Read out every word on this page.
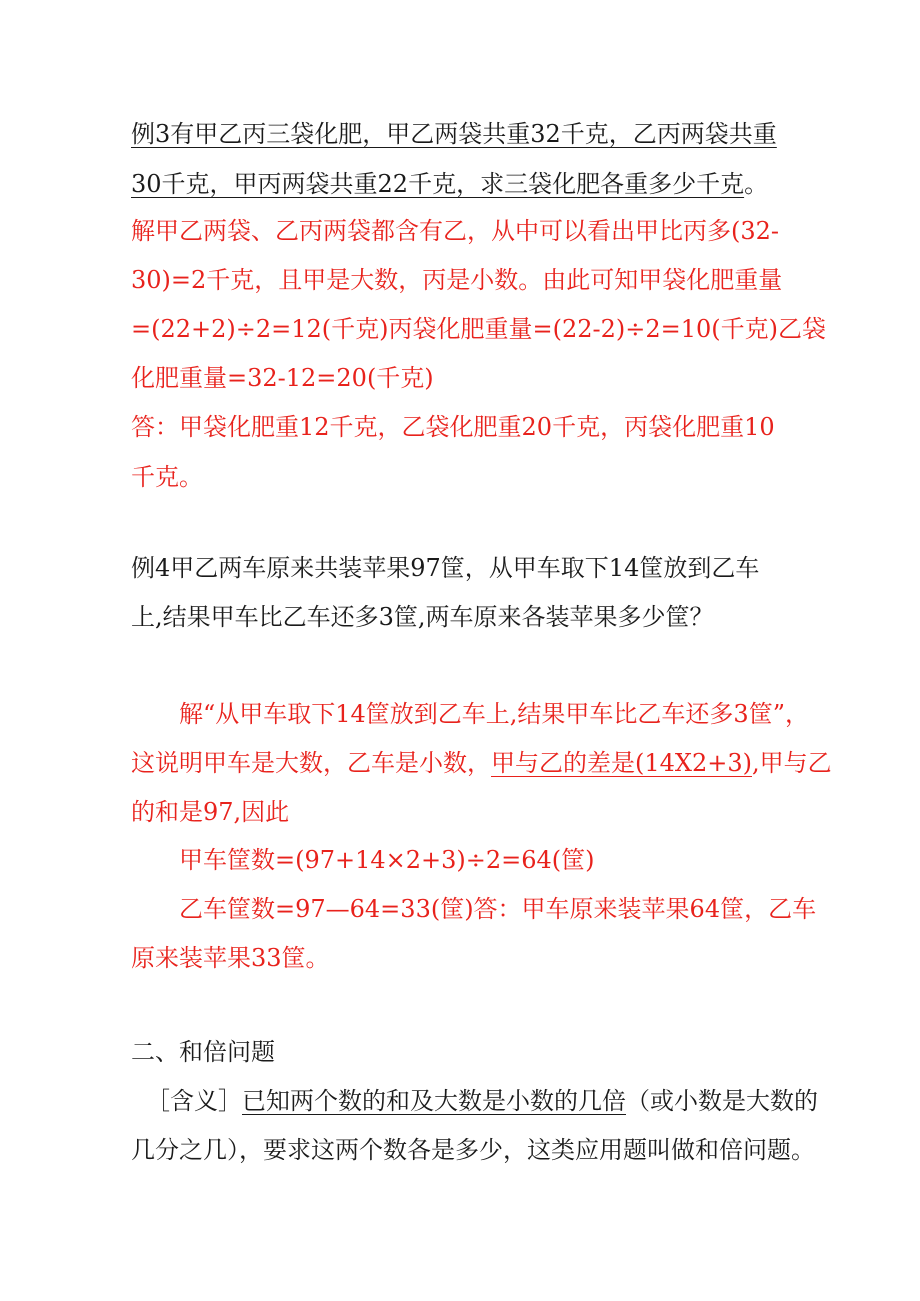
例3有甲乙丙三袋化肥，甲乙两袋共重32千克，乙丙两袋共重
30千克，甲丙两袋共重22千克，求三袋化肥各重多少千克。
解甲乙两袋、乙丙两袋都含有乙，从中可以看出甲比丙多(32-
30)=2千克，且甲是大数，丙是小数。由此可知甲袋化肥重量
=(22+2)÷2=12(千克)丙袋化肥重量=(22-2)÷2=10(千克)乙袋
化肥重量=32-12=20(千克)
答：甲袋化肥重12千克，乙袋化肥重20千克，丙袋化肥重10
千克。
例4甲乙两车原来共装苹果97筐，从甲车取下14筐放到乙车
上,结果甲车比乙车还多3筐,两车原来各装苹果多少筐？
解“从甲车取下14筐放到乙车上,结果甲车比乙车还多3筐”，
这说明甲车是大数，乙车是小数，甲与乙的差是(14X2+3),甲与乙
的和是97,因此
甲车筐数=(97+14×2+3)÷2=64(筐)
乙车筐数=97—64=33(筐)答：甲车原来装苹果64筐，乙车
原来装苹果33筐。
二、和倍问题
［含义］已知两个数的和及大数是小数的几倍（或小数是大数的
几分之几），要求这两个数各是多少，这类应用题叫做和倍问题。
